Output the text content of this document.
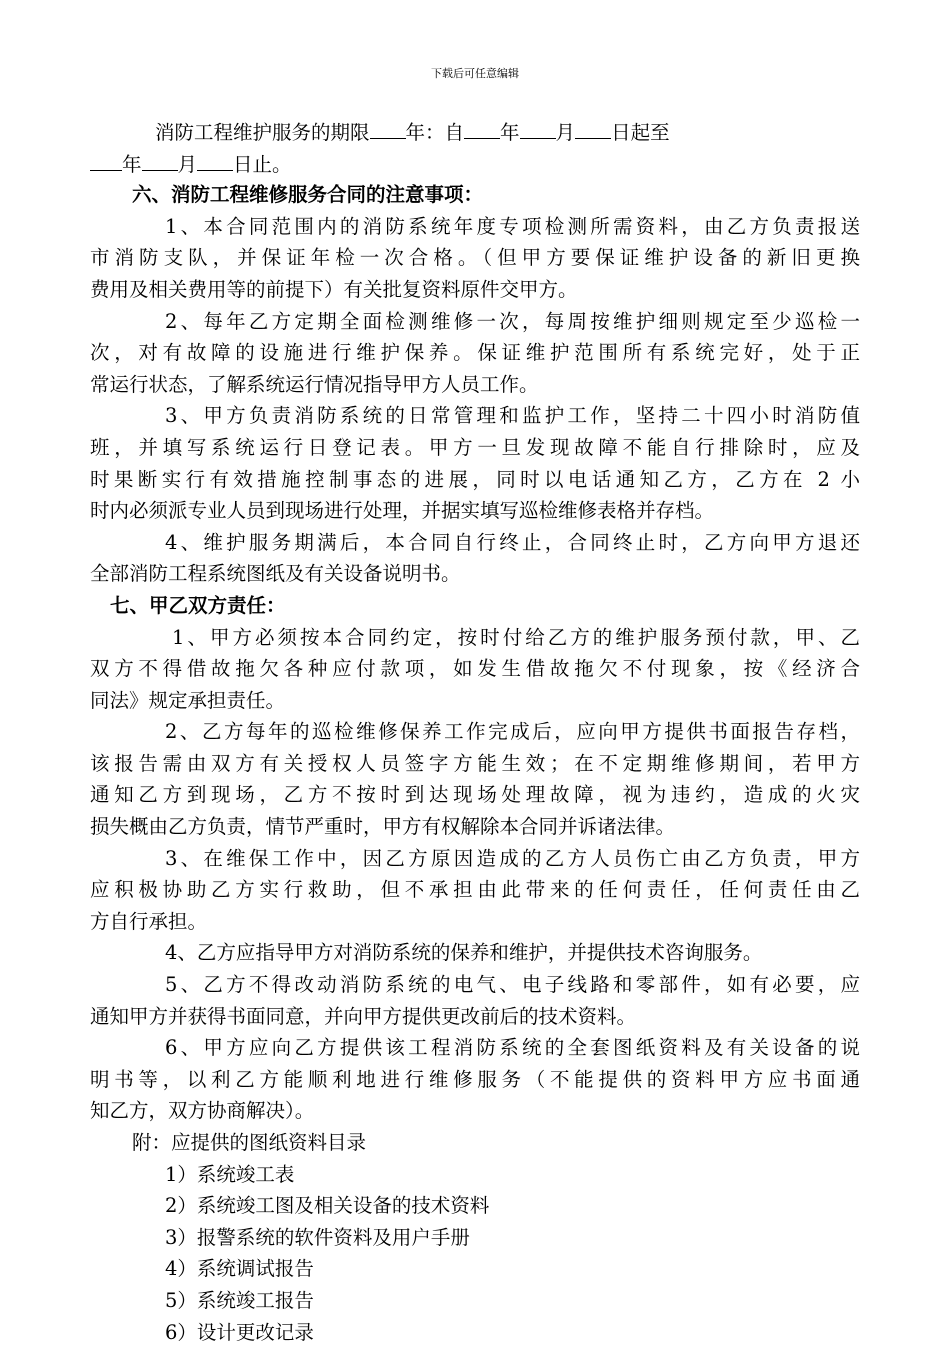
下载后可任意编辑
消防工程维护服务的期限 年：自 年 月 日起至
年 月 日止。
六、消防工程维修服务合同的注意事项：
1、本合同范围内的消防系统年度专项检测所需资料，由乙方负责报送
市消防支队，并保证年检一次合格。（但甲方要保证维护设备的新旧更换
费用及相关费用等的前提下）有关批复资料原件交甲方。
2、每年乙方定期全面检测维修一次，每周按维护细则规定至少巡检一
次，对有故障的设施进行维护保养。保证维护范围所有系统完好，处于正
常运行状态，了解系统运行情况指导甲方人员工作。
3、甲方负责消防系统的日常管理和监护工作，坚持二十四小时消防值
班，并填写系统运行日登记表。甲方一旦发现故障不能自行排除时，应及
时果断实行有效措施控制事态的进展，同时以电话通知乙方，乙方在 2 小
时内必须派专业人员到现场进行处理，并据实填写巡检维修表格并存档。
4、维护服务期满后，本合同自行终止，合同终止时，乙方向甲方退还
全部消防工程系统图纸及有关设备说明书。
七、甲乙双方责任：
1、甲方必须按本合同约定，按时付给乙方的维护服务预付款，甲、乙
双方不得借故拖欠各种应付款项，如发生借故拖欠不付现象，按《经济合
同法》规定承担责任。
2、乙方每年的巡检维修保养工作完成后，应向甲方提供书面报告存档，
该报告需由双方有关授权人员签字方能生效；在不定期维修期间，若甲方
通知乙方到现场，乙方不按时到达现场处理故障，视为违约，造成的火灾
损失概由乙方负责，情节严重时，甲方有权解除本合同并诉诸法律。
3、在维保工作中，因乙方原因造成的乙方人员伤亡由乙方负责，甲方
应积极协助乙方实行救助，但不承担由此带来的任何责任，任何责任由乙
方自行承担。
4、乙方应指导甲方对消防系统的保养和维护，并提供技术咨询服务。
5、乙方不得改动消防系统的电气、电子线路和零部件，如有必要，应
通知甲方并获得书面同意，并向甲方提供更改前后的技术资料。
6、甲方应向乙方提供该工程消防系统的全套图纸资料及有关设备的说
明书等，以利乙方能顺利地进行维修服务（不能提供的资料甲方应书面通
知乙方，双方协商解决）。
附：应提供的图纸资料目录
1）系统竣工表
2）系统竣工图及相关设备的技术资料
3）报警系统的软件资料及用户手册
4）系统调试报告
5）系统竣工报告
6）设计更改记录
